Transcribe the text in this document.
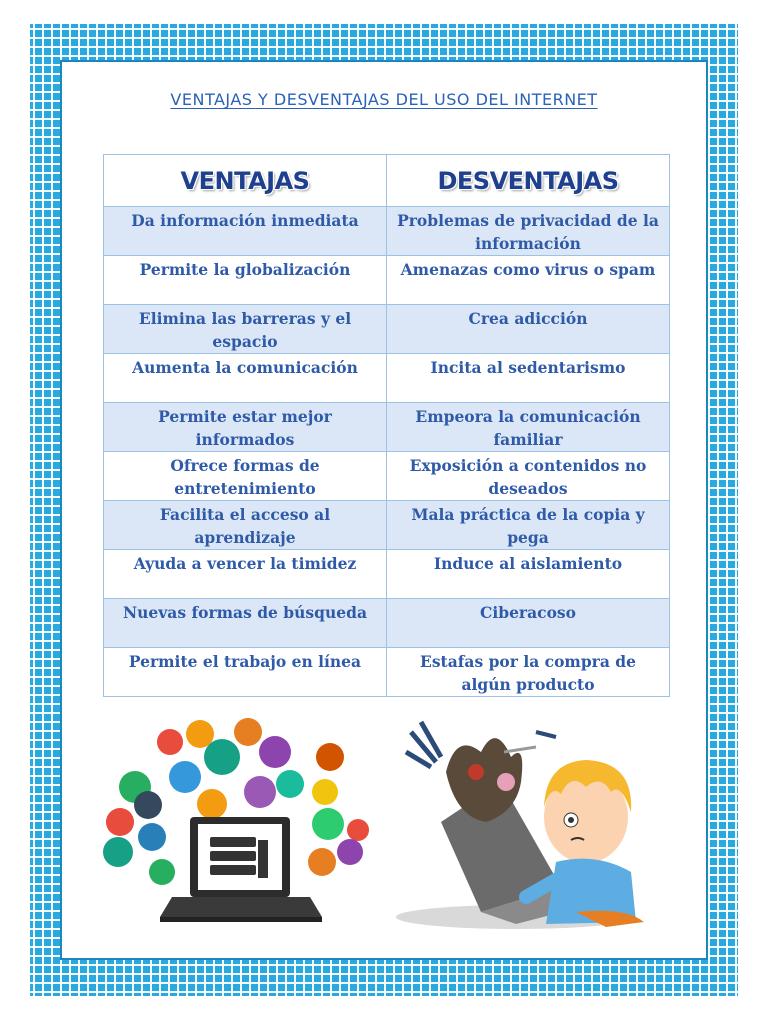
VENTAJAS Y DESVENTAJAS DEL USO DEL INTERNET
VENTAJAS	DESVENTAJAS
Da información inmediata	Problemas de privacidad de la información
Permite la globalización	Amenazas como virus o spam
Elimina las barreras y el espacio	Crea adicción
Aumenta la comunicación	Incita al sedentarismo
Permite estar mejor informados	Empeora la comunicación familiar
Ofrece formas de entretenimiento	Exposición a contenidos no deseados
Facilita el acceso al aprendizaje	Mala práctica de la copia y pega
Ayuda a vencer la timidez	Induce al aislamiento
Nuevas formas de búsqueda	Ciberacoso
Permite el trabajo en línea	Estafas por la compra de algún producto
